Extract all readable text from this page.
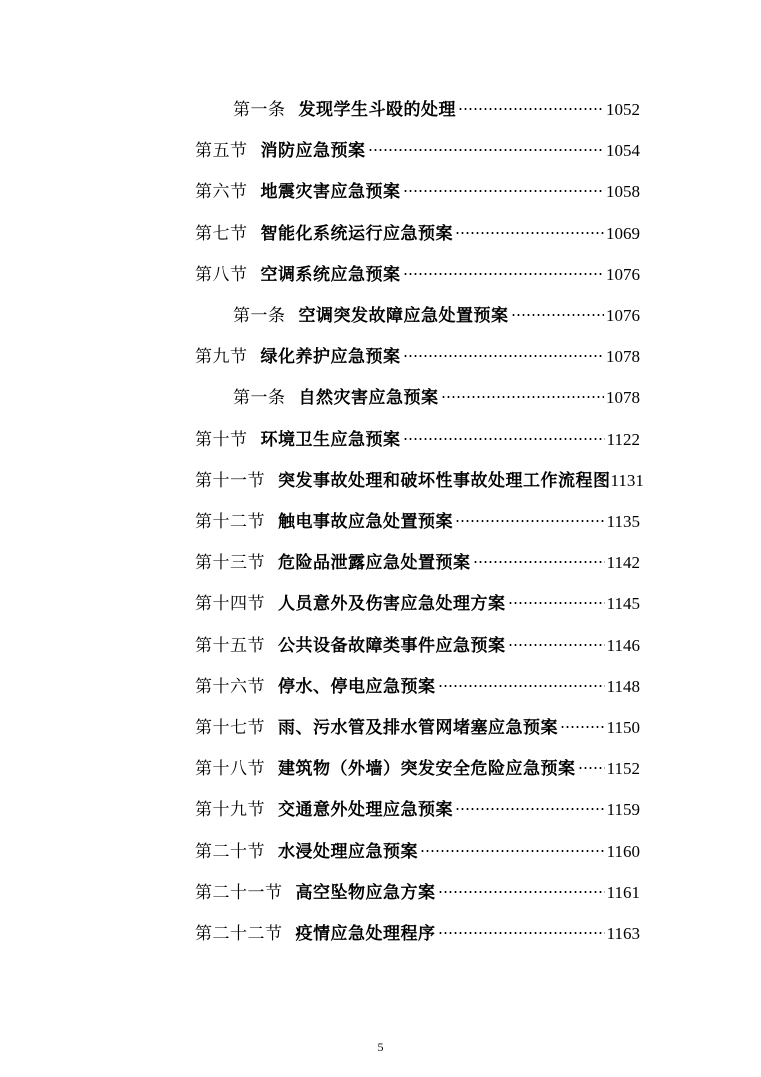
第一条 发现学生斗殴的处理	1052
第五节 消防应急预案	1054
第六节 地震灾害应急预案	1058
第七节 智能化系统运行应急预案	1069
第八节 空调系统应急预案	1076
第一条 空调突发故障应急处置预案	1076
第九节 绿化养护应急预案	1078
第一条 自然灾害应急预案	1078
第十节 环境卫生应急预案	1122
第十一节 突发事故处理和破坏性事故处理工作流程图 1131
第十二节 触电事故应急处置预案	1135
第十三节 危险品泄露应急处置预案	1142
第十四节 人员意外及伤害应急处理方案	1145
第十五节 公共设备故障类事件应急预案	1146
第十六节 停水、停电应急预案	1148
第十七节 雨、污水管及排水管网堵塞应急预案	1150
第十八节 建筑物（外墙）突发安全危险应急预案 1152
第十九节 交通意外处理应急预案	1159
第二十节 水浸处理应急预案	1160
第二十一节 高空坠物应急方案	1161
第二十二节 疫情应急处理程序	1163
5
